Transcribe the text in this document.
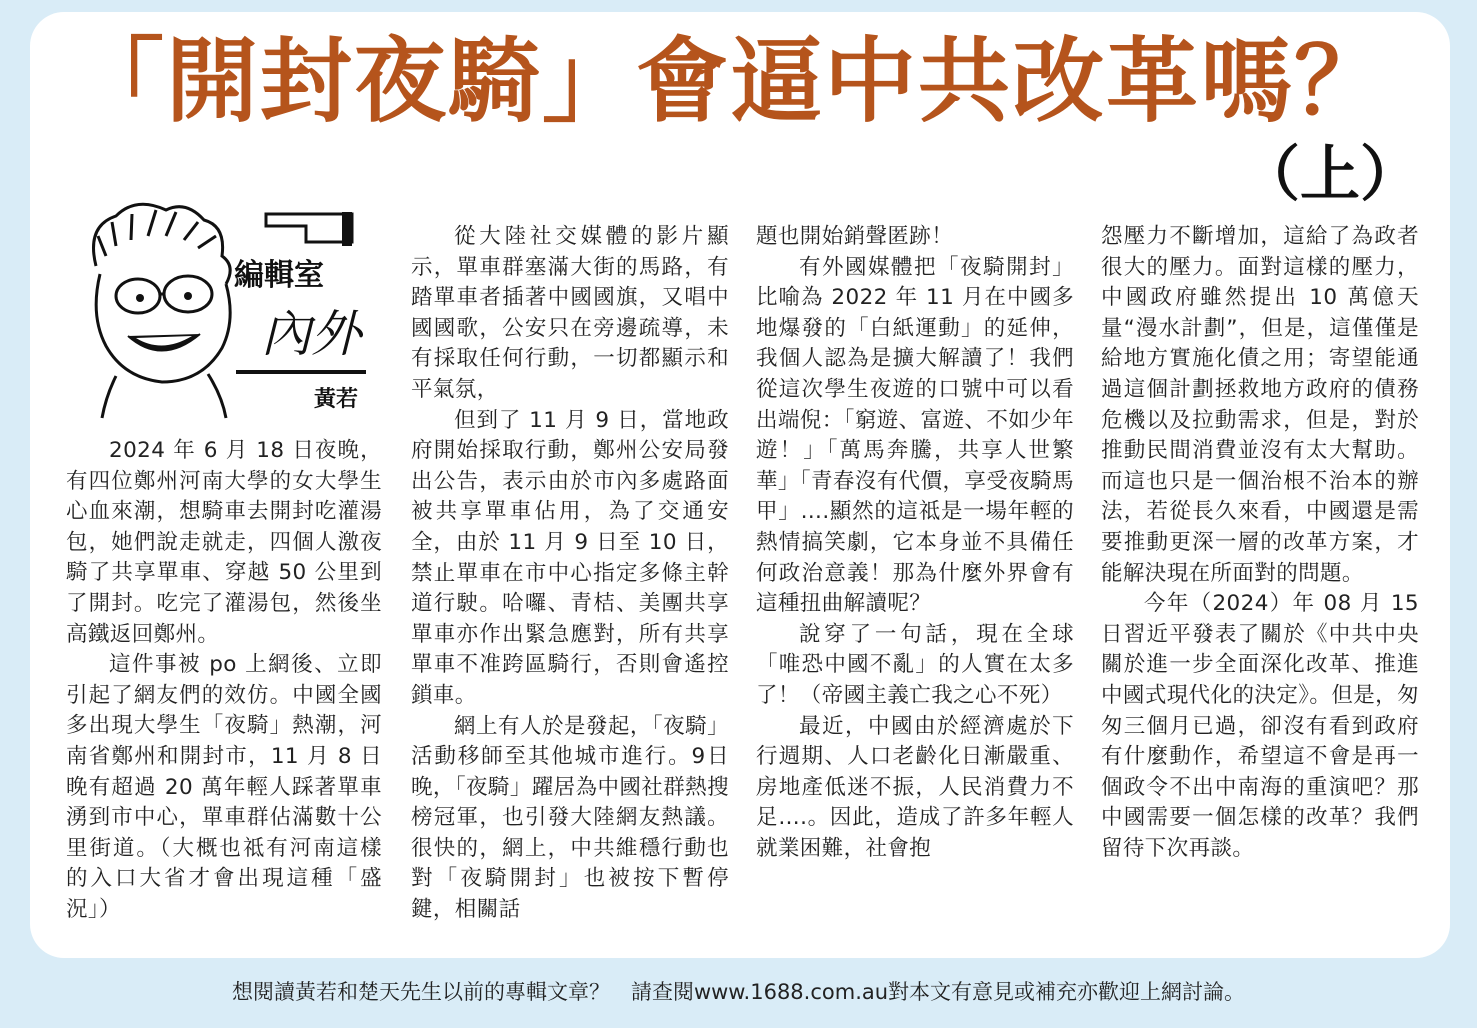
「開封夜騎」會逼中共改革嗎？
（上）
編輯室
內外
黃若

2024 年 6 月 18 日夜晚，有四位鄭州河南大學的女大學生心血來潮，想騎車去開封吃灌湯包，她們說走就走，四個人激夜騎了共享單車、穿越 50 公里到了開封。吃完了灌湯包，然後坐高鐵返回鄭州。

這件事被 po 上網後、立即引起了網友們的效仿。中國全國多出現大學生「夜騎」熱潮，河南省鄭州和開封市，11 月 8 日晚有超過 20 萬年輕人踩著單車湧到市中心，單車群佔滿數十公里街道。（大概也祗有河南這樣的入口大省才會出現這種「盛況」）

從大陸社交媒體的影片顯示，單車群塞滿大街的馬路，有踏單車者插著中國國旗，又唱中國國歌，公安只在旁邊疏導，未有採取任何行動，一切都顯示和平氣氛，

但到了 11 月 9 日，當地政府開始採取行動，鄭州公安局發出公告，表示由於市內多處路面被共享單車佔用，為了交通安全，由於 11 月 9 日至 10 日，禁止單車在市中心指定多條主幹道行駛。哈囉、青桔、美團共享單車亦作出緊急應對，所有共享單車不准跨區騎行，否則會遙控鎖車。

網上有人於是發起，「夜騎」活動移師至其他城市進行。9日晚，「夜騎」躍居為中國社群熱搜榜冠軍，也引發大陸網友熱議。很快的，網上，中共維穩行動也對「夜騎開封」也被按下暫停鍵，相關話

題也開始銷聲匿跡！

有外國媒體把「夜騎開封」比喻為 2022 年 11 月在中國多地爆發的「白紙運動」的延伸，我個人認為是擴大解讀了！我們從這次學生夜遊的口號中可以看出端倪：「窮遊、富遊、不如少年遊！」「萬馬奔騰，共享人世繁華」「青春沒有代價，享受夜騎馬甲」….顯然的這祗是一場年輕的熱情搞笑劇，它本身並不具備任何政治意義！那為什麼外界會有這種扭曲解讀呢？

說穿了一句話，現在全球「唯恐中國不亂」的人實在太多了！（帝國主義亡我之心不死）

最近，中國由於經濟處於下行週期、人口老齡化日漸嚴重、房地產低迷不振，人民消費力不足….。因此，造成了許多年輕人就業困難，社會抱

怨壓力不斷增加，這給了為政者很大的壓力。面對這樣的壓力，中國政府雖然提出 10 萬億天量“漫水計劃”，但是，這僅僅是給地方實施化債之用；寄望能通過這個計劃拯救地方政府的債務危機以及拉動需求，但是，對於推動民間消費並沒有太大幫助。而這也只是一個治根不治本的辦法，若從長久來看，中國還是需要推動更深一層的改革方案，才能解決現在所面對的問題。

今年（2024）年 08 月 15 日習近平發表了關於《中共中央關於進一步全面深化改革、推進中國式現代化的決定》。但是，匆匆三個月已過，卻沒有看到政府有什麼動作，希望這不會是再一個政令不出中南海的重演吧？那中國需要一個怎樣的改革？我們留待下次再談。

想閱讀黃若和楚天先生以前的專輯文章？　請查閱www.1688.com.au對本文有意見或補充亦歡迎上網討論。
